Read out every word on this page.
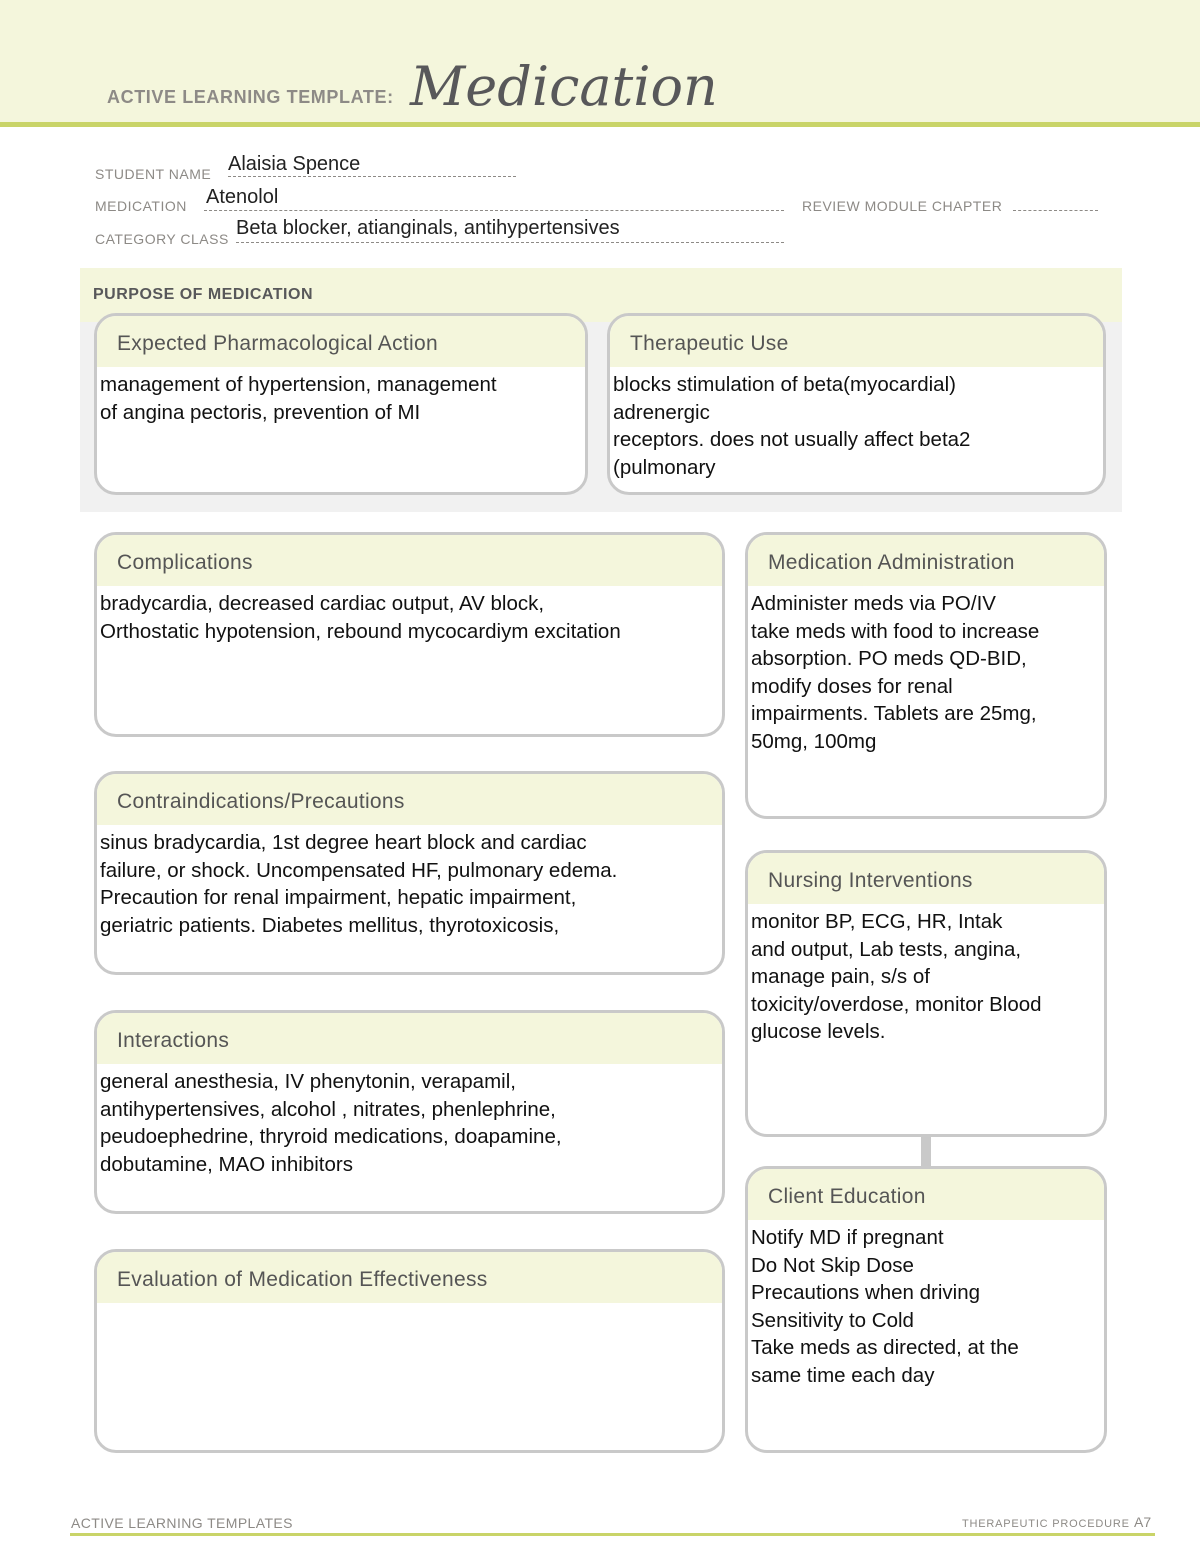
ACTIVE LEARNING TEMPLATE: Medication
STUDENT NAME Alaisia Spence
MEDICATION Atenolol	REVIEW MODULE CHAPTER
CATEGORY CLASS Beta blocker, atianginals, antihypertensives
PURPOSE OF MEDICATION
Expected Pharmacological Action
management of hypertension, management
of angina pectoris, prevention of MI
Therapeutic Use
blocks stimulation of beta(myocardial)
adrenergic
receptors. does not usually affect beta2
(pulmonary
Complications
bradycardia, decreased cardiac output, AV block,
Orthostatic hypotension, rebound mycocardiym excitation
Contraindications/Precautions
sinus bradycardia, 1st degree heart block and cardiac
failure, or shock. Uncompensated HF, pulmonary edema.
Precaution for renal impairment, hepatic impairment,
geriatric patients. Diabetes mellitus, thyrotoxicosis,
Interactions
general anesthesia, IV phenytonin, verapamil,
antihypertensives, alcohol , nitrates, phenlephrine,
peudoephedrine, thryroid medications, doapamine,
dobutamine, MAO inhibitors
Evaluation of Medication Effectiveness
Medication Administration
Administer meds via PO/IV
take meds with food to increase
absorption. PO meds QD-BID,
modify doses for renal
impairments. Tablets are 25mg,
50mg, 100mg
Nursing Interventions
monitor BP, ECG, HR, Intak
and output, Lab tests, angina,
manage pain, s/s of
toxicity/overdose, monitor Blood
glucose levels.
Client Education
Notify MD if pregnant
Do Not Skip Dose
Precautions when driving
Sensitivity to Cold
Take meds as directed, at the
same time each day
ACTIVE LEARNING TEMPLATES	THERAPEUTIC PROCEDURE A7
